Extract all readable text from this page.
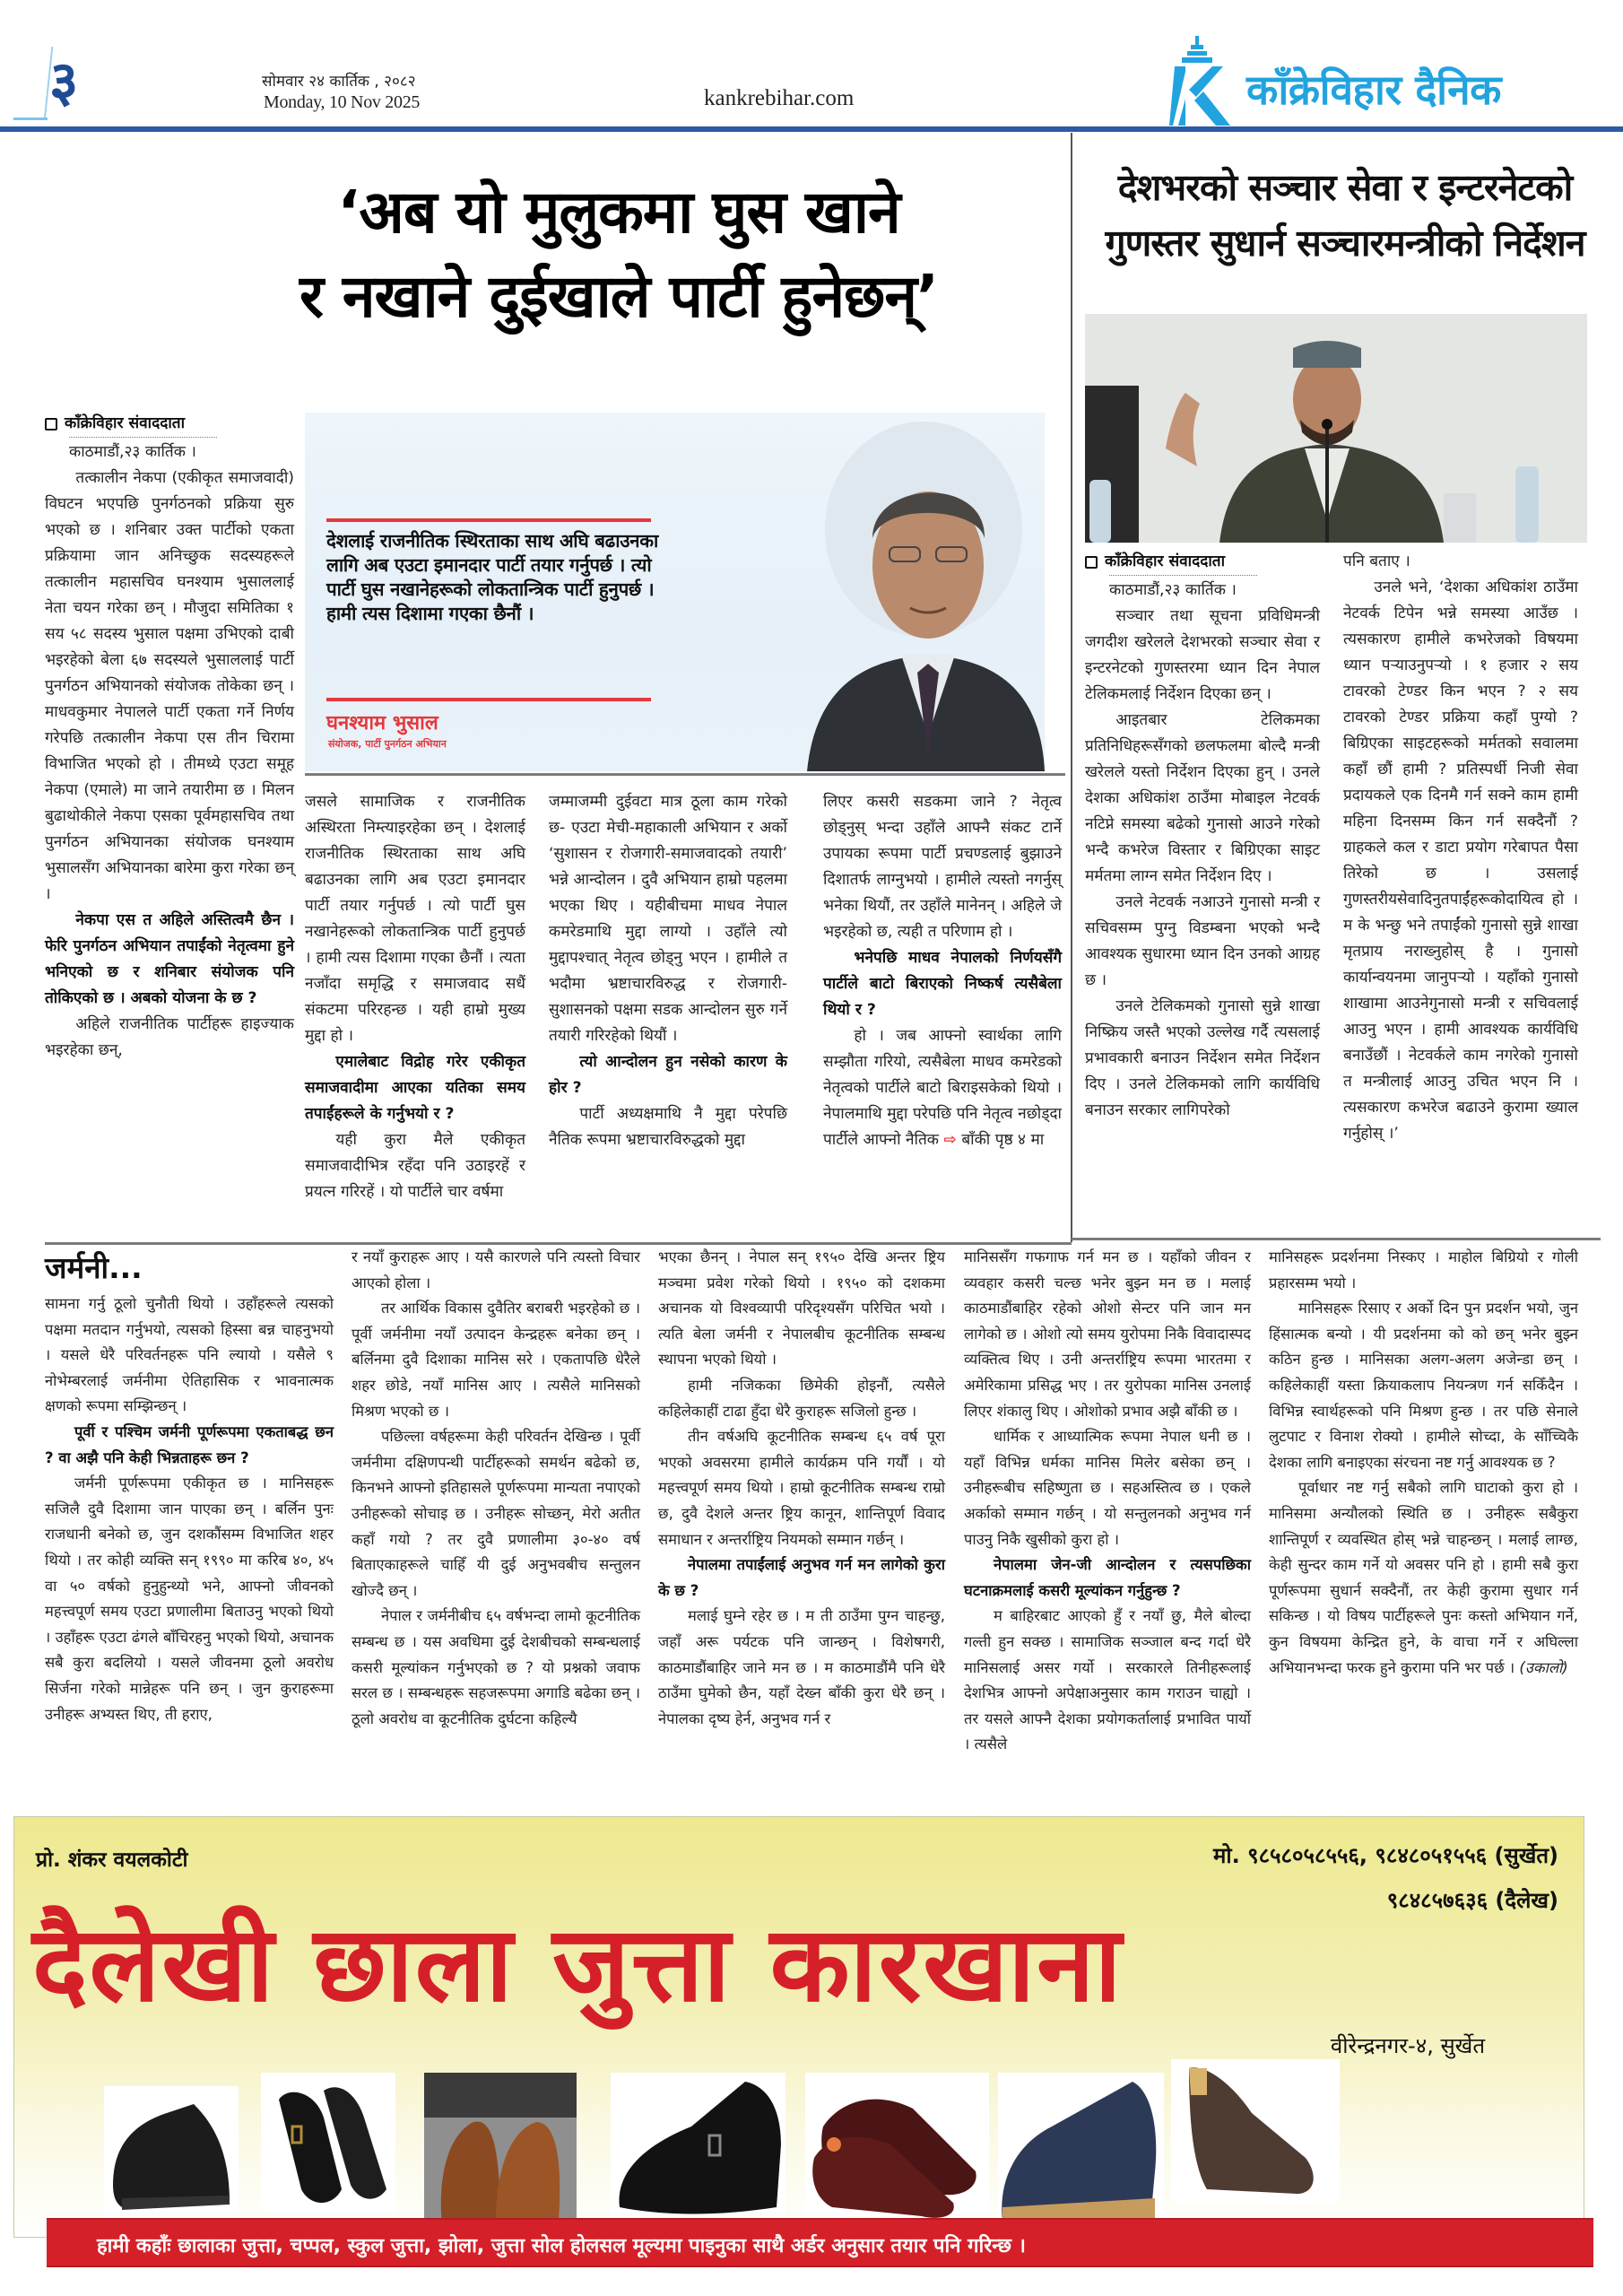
३	सोमवार २४ कार्तिक , २०८२
Monday, 10 Nov 2025	kankrebihar.com	काँक्रेविहार दैनिक
‘अब यो मुलुकमा घुस खाने
र नखाने दुईखाले पार्टी हुनेछन्’
काँक्रेविहार संवाददाता

काठमाडौं,२३ कार्तिक ।

तत्कालीन नेकपा (एकीकृत समाजवादी) विघटन भएपछि पुनर्गठनको प्रक्रिया सुरु भएको छ । शनिबार उक्त पार्टीको एकता प्रक्रियामा जान अनिच्छुक सदस्यहरूले तत्कालीन महासचिव घनश्याम भुसाललाई नेता चयन गरेका छन् । मौजुदा समितिका १ सय ५८ सदस्य भुसाल पक्षमा उभिएको दाबी भइरहेको बेला ६७ सदस्यले भुसाललाई पार्टी पुनर्गठन अभियानको संयोजक तोकेका छन् । माधवकुमार नेपालले पार्टी एकता गर्ने निर्णय गरेपछि तत्कालीन नेकपा एस तीन चिरामा विभाजित भएको हो । तीमध्ये एउटा समूह नेकपा (एमाले) मा जाने तयारीमा छ । मिलन बुढाथोकीले नेकपा एसका पूर्वमहासचिव तथा पुनर्गठन अभियानका संयोजक घनश्याम भुसालसँग अभियानका बारेमा कुरा गरेका छन् ।

नेकपा एस त अहिले अस्तित्वमै छैन । फेरि पुनर्गठन अभियान तपाईंको नेतृत्वमा हुने भनिएको छ र शनिबार संयोजक पनि तोकिएको छ । अबको योजना के छ ?

अहिले राजनीतिक पार्टीहरू हाइज्याक भइरहेका छन्,

देशलाई राजनीतिक स्थिरताका साथ अघि बढाउनका लागि अब एउटा इमानदार पार्टी तयार गर्नुपर्छ । त्यो पार्टी घुस नखानेहरूको लोकतान्त्रिक पार्टी हुनुपर्छ । हामी त्यस दिशामा गएका छैनौं ।
घनश्याम भुसाल
संयोजक, पार्टी पुनर्गठन अभियान

जसले सामाजिक र राजनीतिक अस्थिरता निम्त्याइरहेका छन् । देशलाई राजनीतिक स्थिरताका साथ अघि बढाउनका लागि अब एउटा इमानदार पार्टी तयार गर्नुपर्छ । त्यो पार्टी घुस नखानेहरूको लोकतान्त्रिक पार्टी हुनुपर्छ । हामी त्यस दिशामा गएका छैनौं । त्यता नजाँदा समृद्धि र समाजवाद सधैं संकटमा परिरहन्छ । यही हाम्रो मुख्य मुद्दा हो ।

एमालेबाट विद्रोह गरेर एकीकृत समाजवादीमा आएका यतिका समय तपाईंहरूले के गर्नुभयो र ?

यही कुरा मैले एकीकृत समाजवादीभित्र रहँदा पनि उठाइरहें र प्रयत्न गरिरहें । यो पार्टीले चार वर्षमा

जम्माजम्मी दुईवटा मात्र ठूला काम गरेको छ- एउटा मेची-महाकाली अभियान र अर्को ‘सुशासन र रोजगारी-समाजवादको तयारी’ भन्ने आन्दोलन । दुवै अभियान हाम्रो पहलमा भएका थिए । यहीबीचमा माधव नेपाल कमरेडमाथि मुद्दा लाग्यो । उहाँले त्यो मुद्दापश्चात् नेतृत्व छोड्नु भएन । हामीले त भदौमा भ्रष्टाचारविरुद्ध र रोजगारी-सुशासनको पक्षमा सडक आन्दोलन सुरु गर्ने तयारी गरिरहेको थियौं ।

त्यो आन्दोलन हुन नसेको कारण के होर ?

पार्टी अध्यक्षमाथि नै मुद्दा परेपछि नैतिक रूपमा भ्रष्टाचारविरुद्धको मुद्दा

लिएर कसरी सडकमा जाने ? नेतृत्व छोड्नुस् भन्दा उहाँले आफ्नै संकट टार्ने उपायका रूपमा पार्टी प्रचण्डलाई बुझाउने दिशातर्फ लाग्नुभयो । हामीले त्यस्तो नगर्नुस् भनेका थियौं, तर उहाँले मानेनन् । अहिले जे भइरहेको छ, त्यही त परिणाम हो ।

भनेपछि माधव नेपालको निर्णयसँगै पार्टीले बाटो बिराएको निष्कर्ष त्यसैबेला थियो र ?

हो । जब आफ्नो स्वार्थका लागि सम्झौता गरियो, त्यसैबेला माधव कमरेडको नेतृत्वको पार्टीले बाटो बिराइसकेको थियो । नेपालमाथि मुद्दा परेपछि पनि नेतृत्व नछोड्दा पार्टीले आफ्नो नैतिक ⇨ बाँकी पृष्ठ ४ मा

देशभरको सञ्चार सेवा र इन्टरनेटको
गुणस्तर सुधार्न सञ्चारमन्त्रीको निर्देशन
काँक्रेविहार संवाददाता

काठमाडौं,२३ कार्तिक ।

सञ्चार तथा सूचना प्रविधिमन्त्री जगदीश खरेलले देशभरको सञ्चार सेवा र इन्टरनेटको गुणस्तरमा ध्यान दिन नेपाल टेलिकमलाई निर्देशन दिएका छन् ।

आइतबार टेलिकमका प्रतिनिधिहरूसँगको छलफलमा बोल्दै मन्त्री खरेलले यस्तो निर्देशन दिएका हुन् । उनले देशका अधिकांश ठाउँमा मोबाइल नेटवर्क नटिप्ने समस्या बढेको गुनासो आउने गरेको भन्दै कभरेज विस्तार र बिग्रिएका साइट मर्मतमा लाग्न समेत निर्देशन दिए ।

उनले नेटवर्क नआउने गुनासो मन्त्री र सचिवसम्म पुग्नु विडम्बना भएको भन्दै आवश्यक सुधारमा ध्यान दिन उनको आग्रह छ ।

उनले टेलिकमको गुनासो सुन्ने शाखा निष्क्रिय जस्तै भएको उल्लेख गर्दै त्यसलाई प्रभावकारी बनाउन निर्देशन समेत निर्देशन दिए । उनले टेलिकमको लागि कार्यविधि बनाउन सरकार लागिपरेको

पनि बताए ।

उनले भने, ‘देशका अधिकांश ठाउँमा नेटवर्क टिपेन भन्ने समस्या आउँछ । त्यसकारण हामीले कभरेजको विषयमा ध्यान पऱ्याउनुपऱ्यो । १ हजार २ सय टावरको टेण्डर किन भएन ? २ सय टावरको टेण्डर प्रक्रिया कहाँ पुग्यो ? बिग्रिएका साइटहरूको मर्मतको सवालमा कहाँ छौं हामी ? प्रतिस्पर्धी निजी सेवा प्रदायकले एक दिनमै गर्न सक्ने काम हामी महिना दिनसम्म किन गर्न सक्दैनौं ? ग्राहकले कल र डाटा प्रयोग गरेबापत पैसा तिरेको छ । उसलाई गुणस्तरीयसेवादिनुतपाईंहरूकोदायित्व हो । म के भन्छु भने तपाईंको गुनासो सुन्ने शाखा मृतप्राय नराख्नुहोस् है । गुनासो कार्यान्वयनमा जानुपऱ्यो । यहाँको गुनासो शाखामा आउनेगुनासो मन्त्री र सचिवलाई आउनु भएन । हामी आवश्यक कार्यविधि बनाउँछौं । नेटवर्कले काम नगरेको गुनासो त मन्त्रीलाई आउनु उचित भएन नि । त्यसकारण कभरेज बढाउने कुरामा ख्याल गर्नुहोस् ।’

जर्मनी...

सामना गर्नु ठूलो चुनौती थियो । उहाँहरूले त्यसको पक्षमा मतदान गर्नुभयो, त्यसको हिस्सा बन्न चाहनुभयो । यसले धेरै परिवर्तनहरू पनि ल्यायो । यसैले ९ नोभेम्बरलाई जर्मनीमा ऐतिहासिक र भावनात्मक क्षणको रूपमा सम्झिन्छन् ।

पूर्वी र पश्चिम जर्मनी पूर्णरूपमा एकताबद्ध छन ? वा अझै पनि केही भिन्नताहरू छन ?

जर्मनी पूर्णरूपमा एकीकृत छ । मानिसहरू सजिलै दुवै दिशामा जान पाएका छन् । बर्लिन पुनः राजधानी बनेको छ, जुन दशकौंसम्म विभाजित शहर थियो । तर कोही व्यक्ति सन् १९९० मा करिब ४०, ४५ वा ५० वर्षको हुनुहुन्थ्यो भने, आफ्नो जीवनको महत्त्वपूर्ण समय एउटा प्रणालीमा बिताउनु भएको थियो । उहाँहरू एउटा ढंगले बाँचिरहनु भएको थियो, अचानक सबै कुरा बदलियो । यसले जीवनमा ठूलो अवरोध सिर्जना गरेको मान्नेहरू पनि छन् । जुन कुराहरूमा उनीहरू अभ्यस्त थिए, ती हराए,

र नयाँ कुराहरू आए । यसै कारणले पनि त्यस्तो विचार आएको होला ।

तर आर्थिक विकास दुवैतिर बराबरी भइरहेको छ । पूर्वी जर्मनीमा नयाँ उत्पादन केन्द्रहरू बनेका छन् । बर्लिनमा दुवै दिशाका मानिस सरे । एकतापछि धेरैले शहर छोडे, नयाँ मानिस आए । त्यसैले मानिसको मिश्रण भएको छ ।

पछिल्ला वर्षहरूमा केही परिवर्तन देखिन्छ । पूर्वी जर्मनीमा दक्षिणपन्थी पार्टीहरूको समर्थन बढेको छ, किनभने आफ्नो इतिहासले पूर्णरूपमा मान्यता नपाएको उनीहरूको सोचाइ छ । उनीहरू सोच्छन्, मेरो अतीत कहाँ गयो ? तर दुवै प्रणालीमा ३०-४० वर्ष बिताएकाहरूले चाहिँ यी दुई अनुभवबीच सन्तुलन खोज्दै छन् ।

नेपाल र जर्मनीबीच ६५ वर्षभन्दा लामो कूटनीतिक सम्बन्ध छ । यस अवधिमा दुई देशबीचको सम्बन्धलाई कसरी मूल्यांकन गर्नुभएको छ ? यो प्रश्नको जवाफ सरल छ । सम्बन्धहरू सहजरूपमा अगाडि बढेका छन् । ठूलो अवरोध वा कूटनीतिक दुर्घटना कहिल्यै

भएका छैनन् । नेपाल सन् १९५० देखि अन्तर ष्ट्रिय मञ्चमा प्रवेश गरेको थियो । १९५० को दशकमा अचानक यो विश्वव्यापी परिदृश्यसँग परिचित भयो । त्यति बेला जर्मनी र नेपालबीच कूटनीतिक सम्बन्ध स्थापना भएको थियो ।

हामी नजिकका छिमेकी होइनौं, त्यसैले कहिलेकाहीं टाढा हुँदा धेरै कुराहरू सजिलो हुन्छ ।

तीन वर्षअघि कूटनीतिक सम्बन्ध ६५ वर्ष पूरा भएको अवसरमा हामीले कार्यक्रम पनि गर्यौं । यो महत्त्वपूर्ण समय थियो । हाम्रो कूटनीतिक सम्बन्ध राम्रो छ, दुवै देशले अन्तर ष्ट्रिय कानून, शान्तिपूर्ण विवाद समाधान र अन्तर्राष्ट्रिय नियमको सम्मान गर्छन् ।

नेपालमा तपाईंलाई अनुभव गर्न मन लागेको कुरा के छ ?

मलाई घुम्ने रहेर छ । म ती ठाउँमा पुग्न चाहन्छु, जहाँ अरू पर्यटक पनि जान्छन् । विशेषगरी, काठमाडौंबाहिर जाने मन छ । म काठमाडौंमै पनि धेरै ठाउँमा घुमेको छैन, यहाँ देख्न बाँकी कुरा धेरै छन् । नेपालका दृष्य हेर्न, अनुभव गर्न र

मानिससँग गफगाफ गर्न मन छ । यहाँको जीवन र व्यवहार कसरी चल्छ भनेर बुझ्न मन छ । मलाई काठमाडौंबाहिर रहेको ओशो सेन्टर पनि जान मन लागेको छ । ओशो त्यो समय युरोपमा निकै विवादास्पद व्यक्तित्व थिए । उनी अन्तर्राष्ट्रिय रूपमा भारतमा र अमेरिकामा प्रसिद्ध भए । तर युरोपका मानिस उनलाई लिएर शंकालु थिए । ओशोको प्रभाव अझै बाँकी छ ।

धार्मिक र आध्यात्मिक रूपमा नेपाल धनी छ । यहाँ विभिन्न धर्मका मानिस मिलेर बसेका छन् । उनीहरूबीच सहिष्णुता छ । सहअस्तित्व छ । एकले अर्काको सम्मान गर्छन् । यो सन्तुलनको अनुभव गर्न पाउनु निकै खुसीको कुरा हो ।

नेपालमा जेन-जी आन्दोलन र त्यसपछिका घटनाक्रमलाई कसरी मूल्यांकन गर्नुहुन्छ ?

म बाहिरबाट आएको हुँ र नयाँ छु, मैले बोल्दा गल्ती हुन सक्छ । सामाजिक सञ्जाल बन्द गर्दा धेरै मानिसलाई असर गर्यो । सरकारले तिनीहरूलाई देशभित्र आफ्नो अपेक्षाअनुसार काम गराउन चाह्यो । तर यसले आफ्नै देशका प्रयोगकर्तालाई प्रभावित पार्यो । त्यसैले

मानिसहरू प्रदर्शनमा निस्कए । माहोल बिग्रियो र गोली प्रहारसम्म भयो ।

मानिसहरू रिसाए र अर्को दिन पुन प्रदर्शन भयो, जुन हिंसात्मक बन्यो । यी प्रदर्शनमा को को छन् भनेर बुझ्न कठिन हुन्छ । मानिसका अलग-अलग अजेन्डा छन् । कहिलेकाहीं यस्ता क्रियाकलाप नियन्त्रण गर्न सकिँदैन । विभिन्न स्वार्थहरूको पनि मिश्रण हुन्छ । तर पछि सेनाले लुटपाट र विनाश रोक्यो । हामीले सोच्दा, के साँच्चिकै देशका लागि बनाइएका संरचना नष्ट गर्नु आवश्यक छ ?

पूर्वाधार नष्ट गर्नु सबैको लागि घाटाको कुरा हो । मानिसमा अन्यौलको स्थिति छ । उनीहरू सबैकुरा शान्तिपूर्ण र व्यवस्थित होस् भन्ने चाहन्छन् । मलाई लाग्छ, केही सुन्दर काम गर्ने यो अवसर पनि हो । हामी सबै कुरा पूर्णरूपमा सुधार्न सक्दैनौं, तर केही कुरामा सुधार गर्न सकिन्छ । यो विषय पार्टीहरूले पुनः कस्तो अभियान गर्ने, कुन विषयमा केन्द्रित हुने, के वाचा गर्ने र अघिल्ला अभियानभन्दा फरक हुने कुरामा पनि भर पर्छ । (उकालो)

प्रो. शंकर वयलकोटी	मो. ९८५८०५८५५६, ९८४८०५१५५६ (सुर्खेत)
९८४८५७६३६ (दैलेख)
दैलेखी छाला जुत्ता कारखाना
वीरेन्द्रनगर-४, सुर्खेत
हामी कहाँः छालाका जुत्ता, चप्पल, स्कुल जुत्ता, झोला, जुत्ता सोल होलसल मूल्यमा पाइनुका साथै अर्डर अनुसार तयार पनि गरिन्छ ।
